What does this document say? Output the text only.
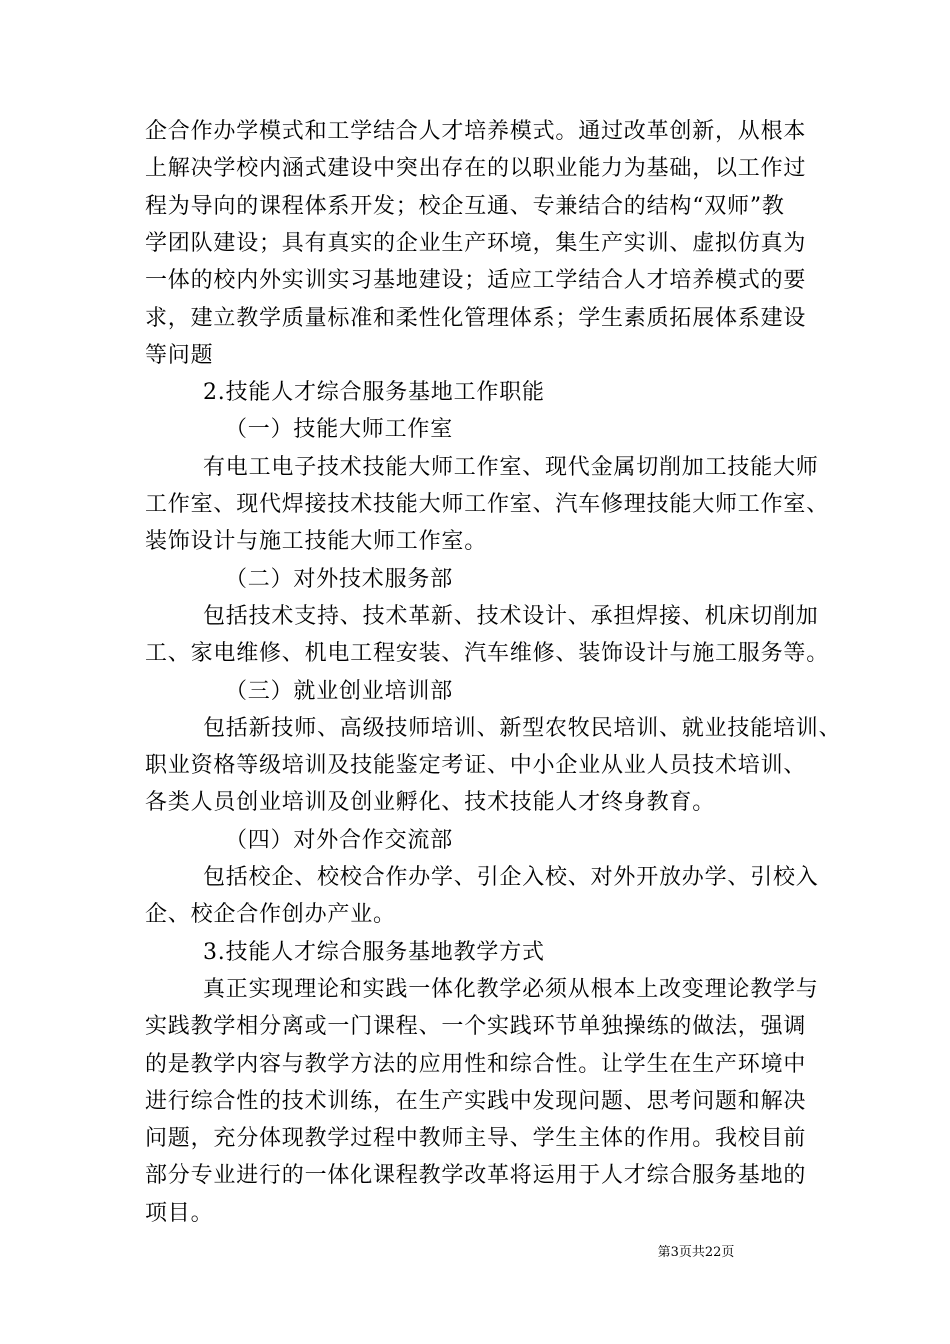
企合作办学模式和工学结合人才培养模式。通过改革创新，从根本
上解决学校内涵式建设中突出存在的以职业能力为基础，以工作过
程为导向的课程体系开发；校企互通、专兼结合的结构“双师”教
学团队建设；具有真实的企业生产环境，集生产实训、虚拟仿真为
一体的校内外实训实习基地建设；适应工学结合人才培养模式的要
求，建立教学质量标准和柔性化管理体系；学生素质拓展体系建设
等问题
2.技能人才综合服务基地工作职能
（一）技能大师工作室
有电工电子技术技能大师工作室、现代金属切削加工技能大师
工作室、现代焊接技术技能大师工作室、汽车修理技能大师工作室、
装饰设计与施工技能大师工作室。
（二）对外技术服务部
包括技术支持、技术革新、技术设计、承担焊接、机床切削加
工、家电维修、机电工程安装、汽车维修、装饰设计与施工服务等。
（三）就业创业培训部
包括新技师、高级技师培训、新型农牧民培训、就业技能培训、
职业资格等级培训及技能鉴定考证、中小企业从业人员技术培训、
各类人员创业培训及创业孵化、技术技能人才终身教育。
（四）对外合作交流部
包括校企、校校合作办学、引企入校、对外开放办学、引校入
企、校企合作创办产业。
3.技能人才综合服务基地教学方式
真正实现理论和实践一体化教学必须从根本上改变理论教学与
实践教学相分离或一门课程、一个实践环节单独操练的做法，强调
的是教学内容与教学方法的应用性和综合性。让学生在生产环境中
进行综合性的技术训练，在生产实践中发现问题、思考问题和解决
问题，充分体现教学过程中教师主导、学生主体的作用。我校目前
部分专业进行的一体化课程教学改革将运用于人才综合服务基地的
项目。
第3页共22页
